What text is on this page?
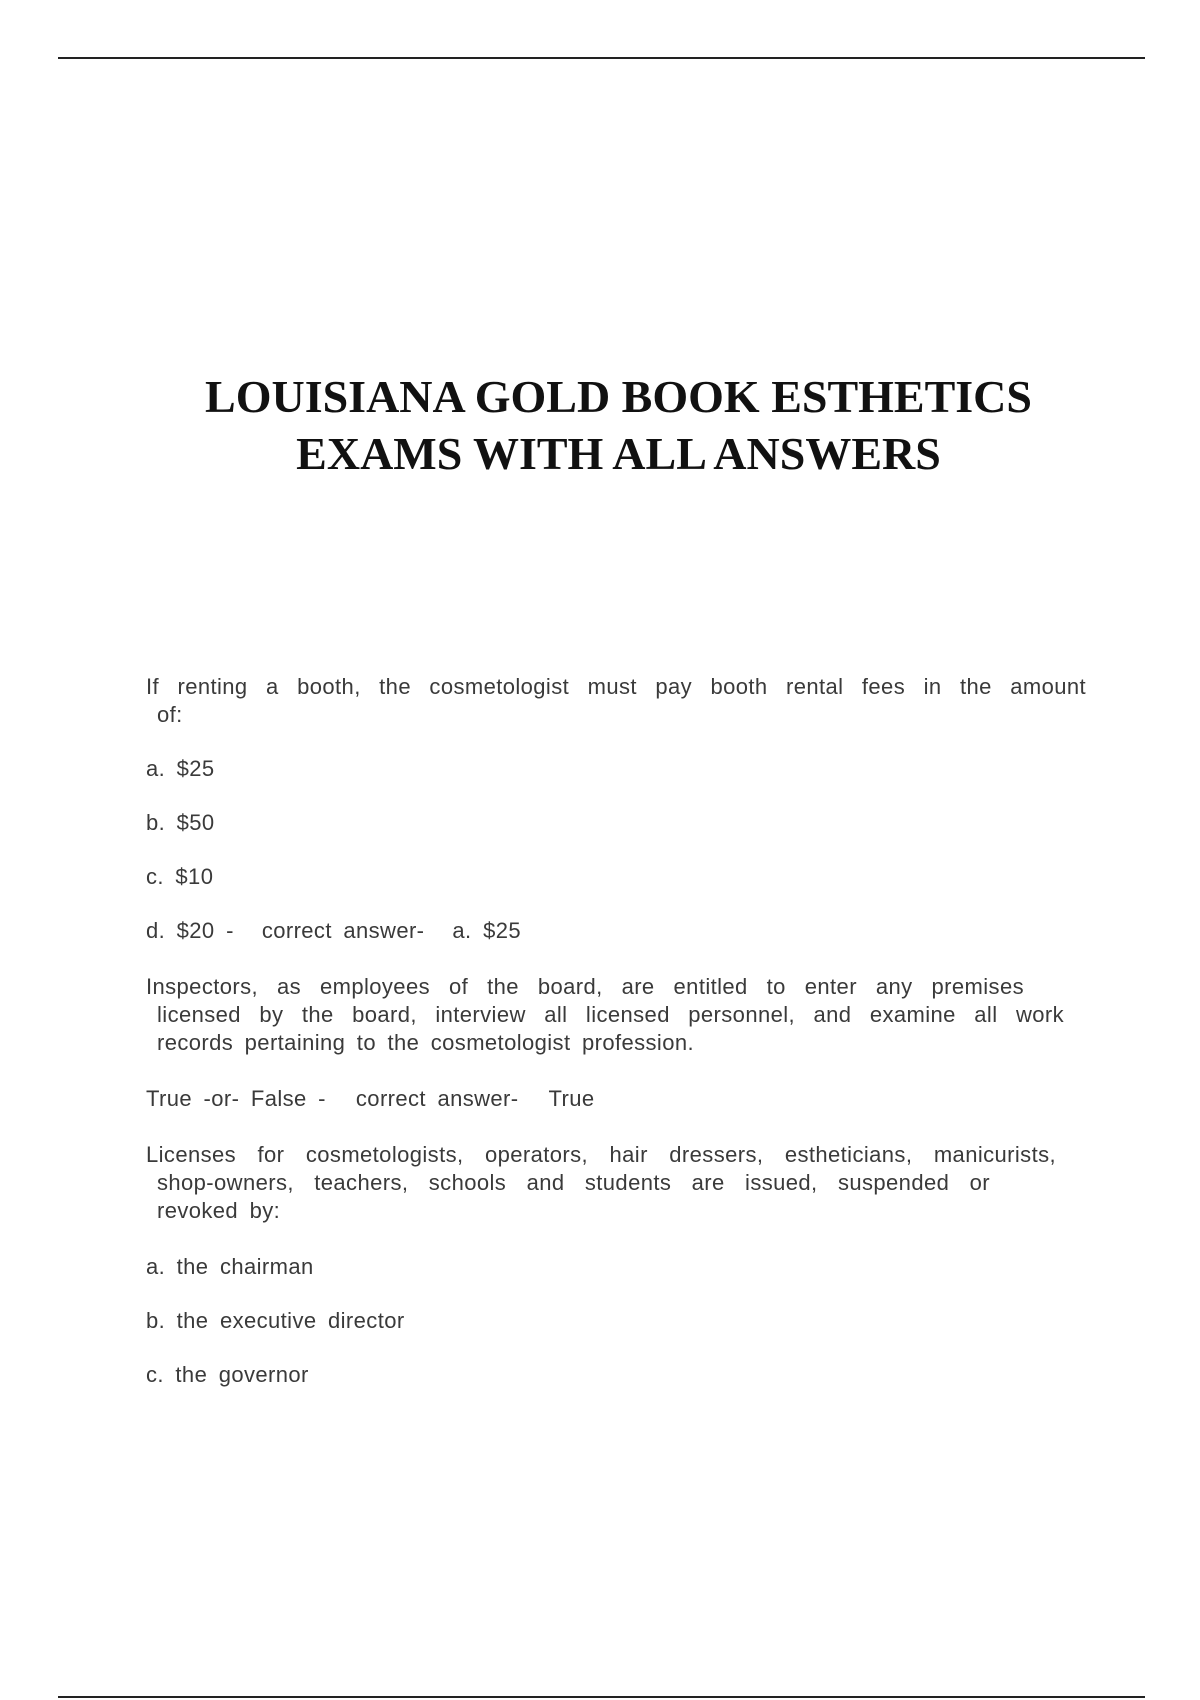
LOUISIANA GOLD BOOK ESTHETICS
EXAMS WITH ALL ANSWERS
If renting a booth, the cosmetologist must pay booth rental fees in the amount
of:
a. $25
b. $50
c. $10
d. $20 - correct answer- a. $25
Inspectors, as employees of the board, are entitled to enter any premises
licensed by the board, interview all licensed personnel, and examine all work
records pertaining to the cosmetologist profession.
True -or- False - correct answer- True
Licenses for cosmetologists, operators, hair dressers, estheticians, manicurists,
shop-owners, teachers, schools and students are issued, suspended or
revoked by:
a. the chairman
b. the executive director
c. the governor
